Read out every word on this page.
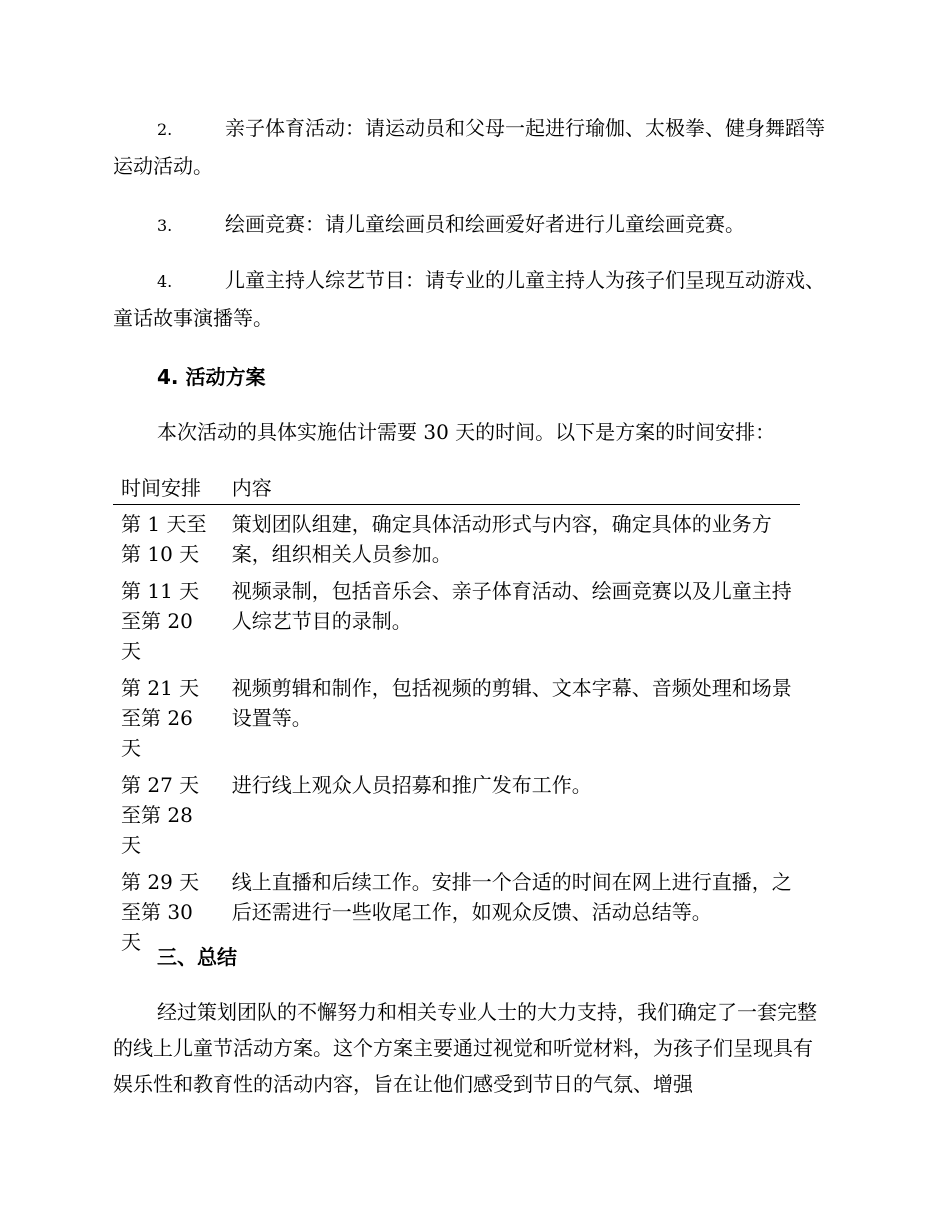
2.	亲子体育活动：请运动员和父母一起进行瑜伽、太极拳、健身舞蹈等运动活动。

3.	绘画竞赛：请儿童绘画员和绘画爱好者进行儿童绘画竞赛。

4.	儿童主持人综艺节目：请专业的儿童主持人为孩子们呈现互动游戏、童话故事演播等。

4. 活动方案

本次活动的具体实施估计需要 30 天的时间。以下是方案的时间安排：

时间安排	内容
第 1 天至第 10 天	策划团队组建，确定具体活动形式与内容，确定具体的业务方案，组织相关人员参加。
第 11 天至第 20 天	视频录制，包括音乐会、亲子体育活动、绘画竞赛以及儿童主持人综艺节目的录制。
第 21 天至第 26 天	视频剪辑和制作，包括视频的剪辑、文本字幕、音频处理和场景设置等。
第 27 天至第 28 天	进行线上观众人员招募和推广发布工作。
第 29 天至第 30 天	线上直播和后续工作。安排一个合适的时间在网上进行直播，之后还需进行一些收尾工作，如观众反馈、活动总结等。

三、总结

经过策划团队的不懈努力和相关专业人士的大力支持，我们确定了一套完整的线上儿童节活动方案。这个方案主要通过视觉和听觉材料，为孩子们呈现具有娱乐性和教育性的活动内容，旨在让他们感受到节日的气氛、增强
